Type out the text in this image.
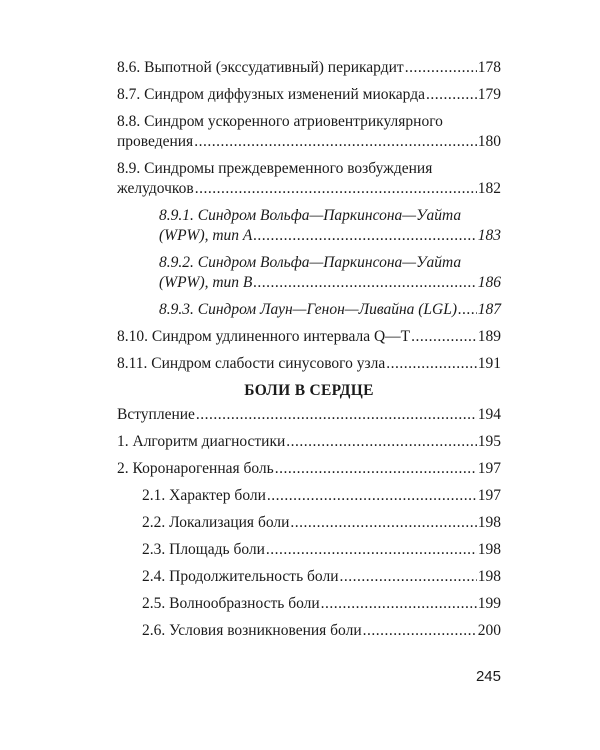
8.6. Выпотной (экссудативный) перикардит .....	178
8.7. Синдром диффузных изменений миокарда .....	179
8.8. Синдром ускоренного атриовентрикулярного
проведения .....	180
8.9. Синдромы преждевременного возбуждения
желудочков .....	182
8.9.1. Синдром Вольфа—Паркинсона—Уайта
(WPW), тип A .....	183
8.9.2. Синдром Вольфа—Паркинсона—Уайта
(WPW), тип B .....	186
8.9.3. Синдром Лаун—Генон—Ливайна (LGL) ..... 187
8.10. Синдром удлиненного интервала Q—T .....	189
8.11. Синдром слабости синусового узла .....	191
БОЛИ В СЕРДЦЕ
Вступление .....	194
1. Алгоритм диагностики .....	195
2. Коронарогенная боль .....	197
2.1. Характер боли .....	197
2.2. Локализация боли .....	198
2.3. Площадь боли .....	198
2.4. Продолжительность боли .....	198
2.5. Волнообразность боли .....	199
2.6. Условия возникновения боли .....	200
245
